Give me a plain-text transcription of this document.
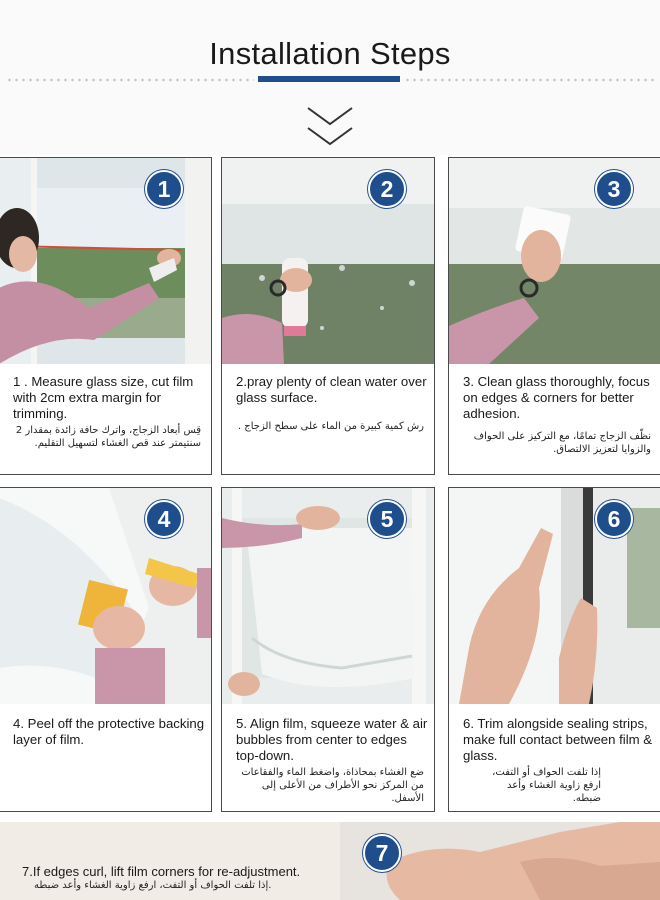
Installation Steps
1
1 . Measure glass size, cut film with 2cm extra margin for trimming.
قِس أبعاد الزجاج، واترك حافة زائدة بمقدار 2 سنتيمتر عند قص الغشاء لتسهيل التقليم.
2
2.pray plenty of clean water over glass surface.
رش كمية كبيرة من الماء على سطح الزجاج .
3
3. Clean glass thoroughly, focus on edges & corners for better adhesion.
نظّف الزجاج تمامًا، مع التركيز على الحواف والزوايا لتعزيز الالتصاق.
4
4. Peel off the protective backing layer of film.
5
5. Align film, squeeze water & air bubbles from center to edges top-down.
ضع الغشاء بمحاذاة، واضغط الماء والفقاعات من المركز نحو الأطراف من الأعلى إلى الأسفل.
6
6. Trim alongside sealing strips, make full contact between film & glass.
إذا تلفت الحواف أو التفت، ارفع زاوية الغشاء وأعد ضبطه.
7
7.If edges curl, lift film corners for re-adjustment.
إذا تلفت الحواف أو التفت، ارفع زاوية الغشاء وأعد ضبطه.
